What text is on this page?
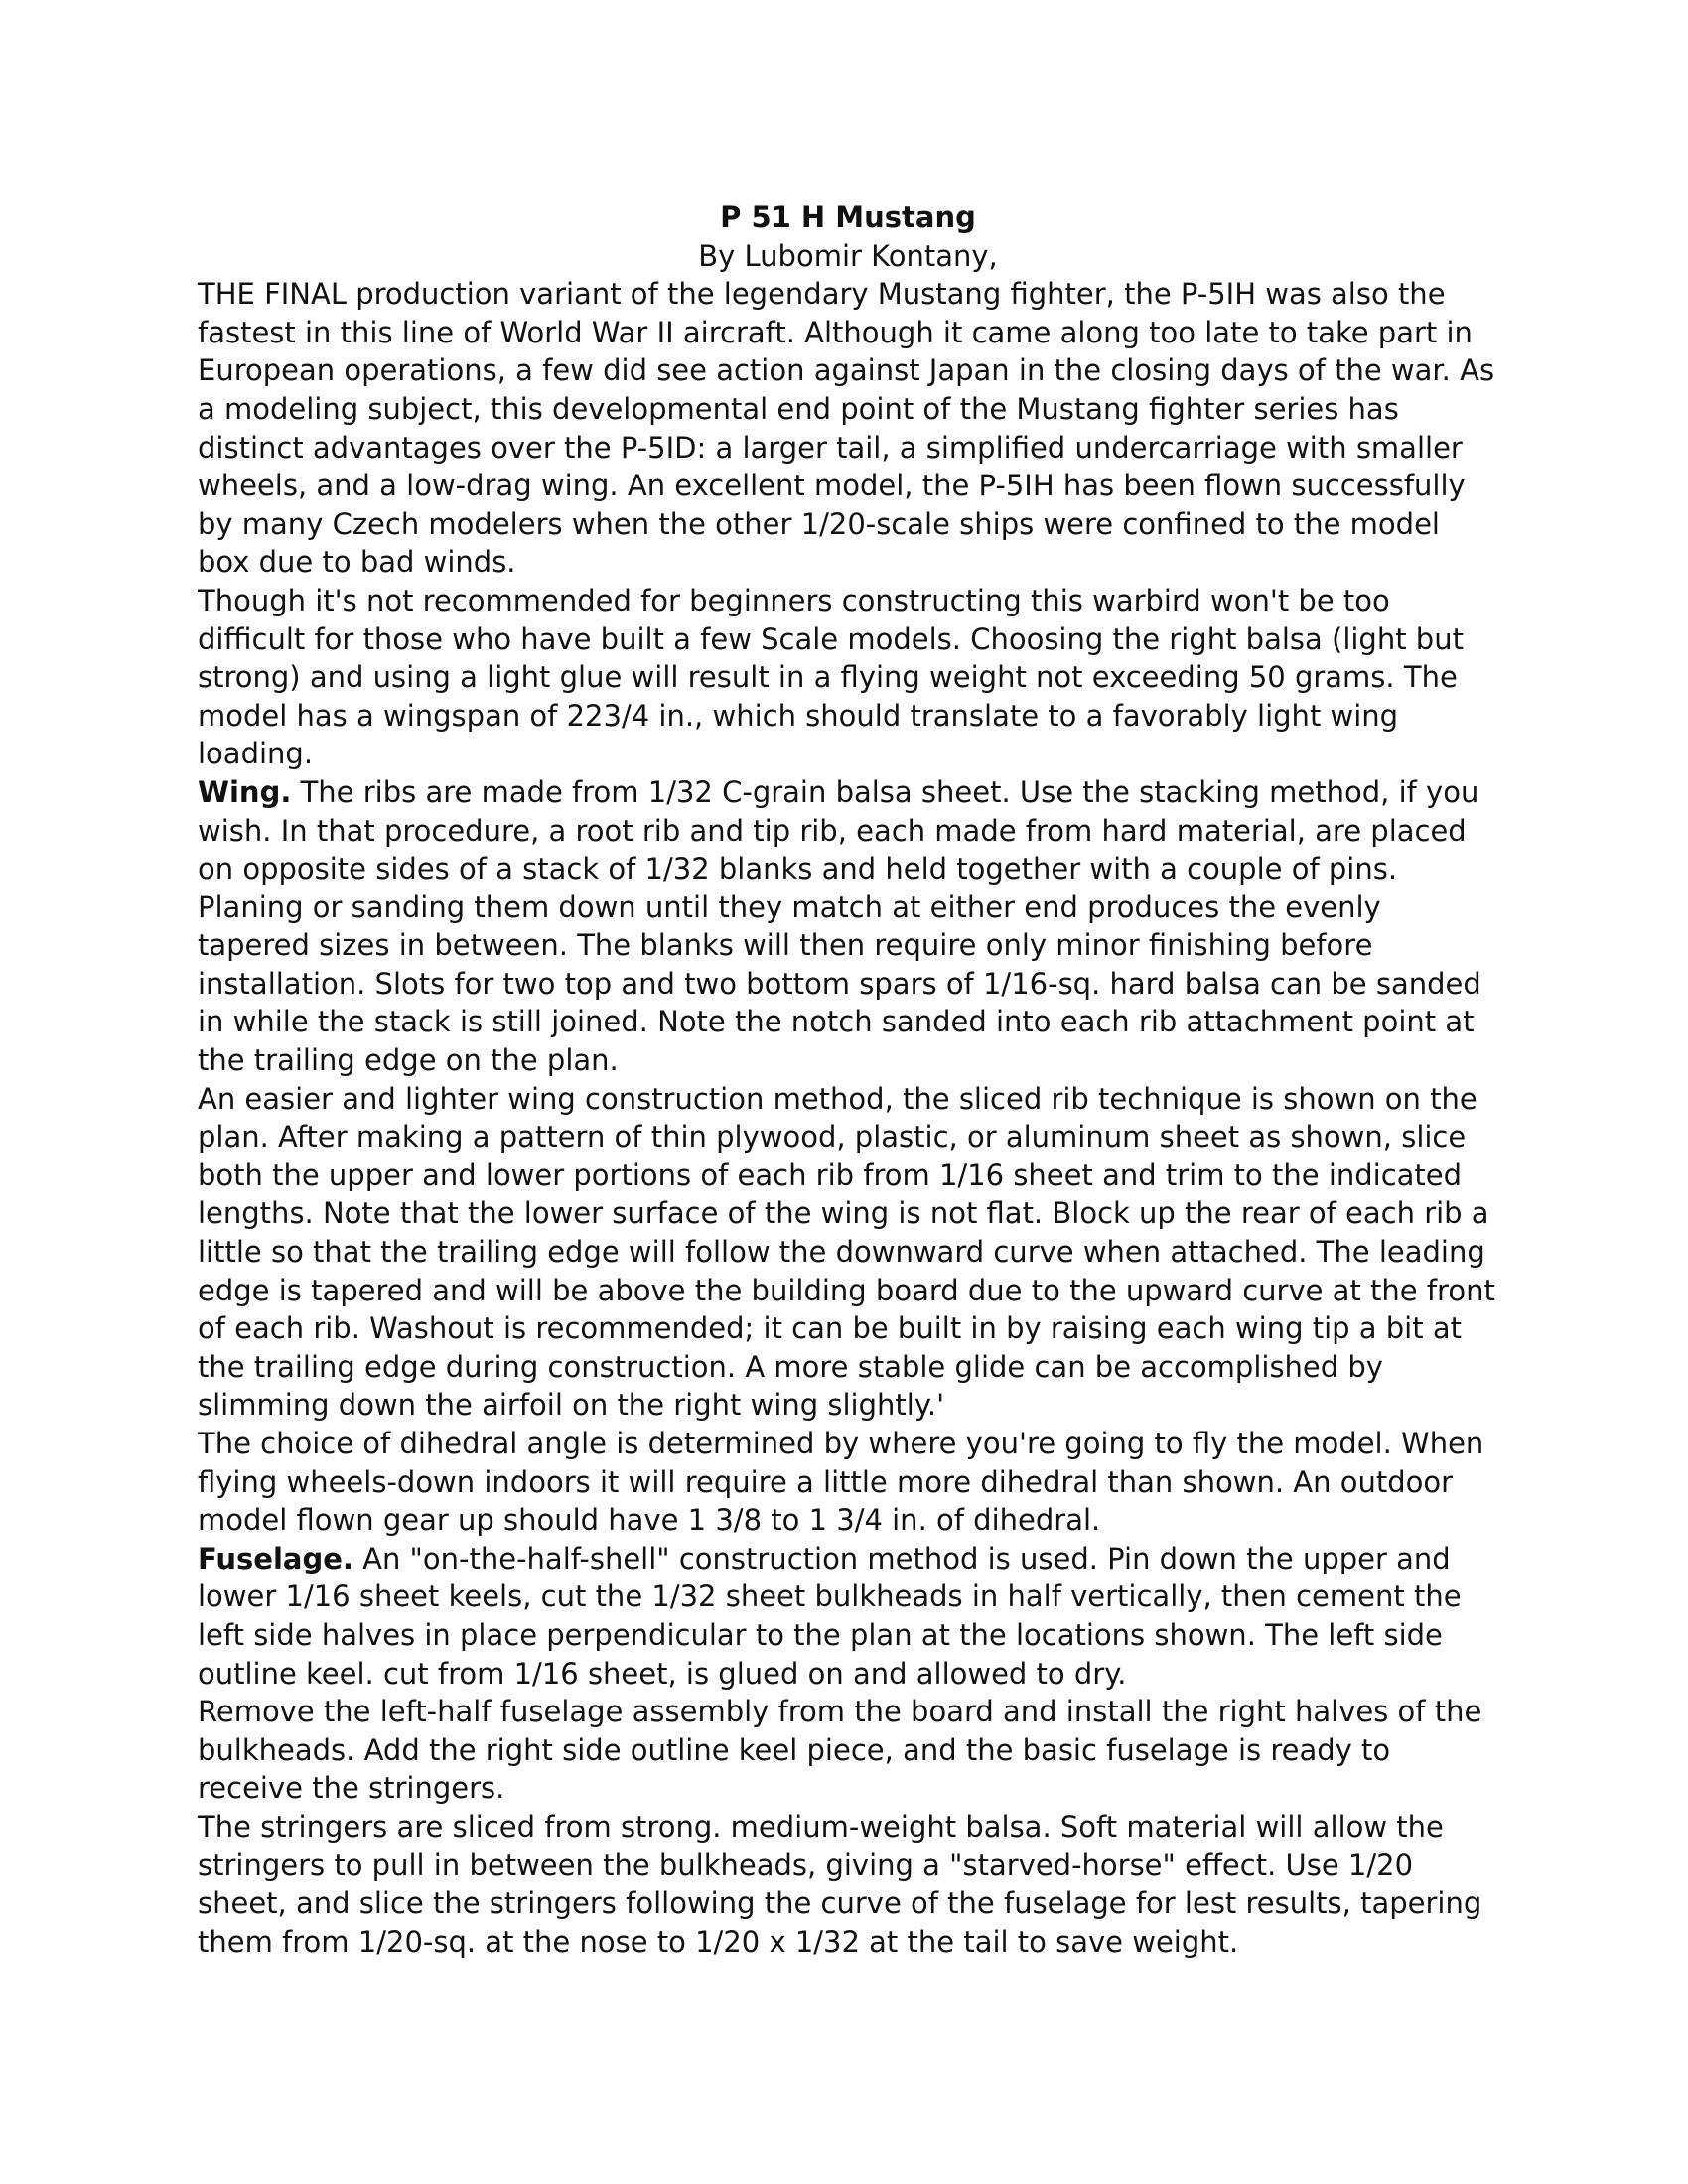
P 51 H Mustang

By Lubomir Kontany,

THE FINAL production variant of the legendary Mustang fighter, the P-5IH was also the fastest in this line of World War II aircraft. Although it came along too late to take part in European operations, a few did see action against Japan in the closing days of the war. As a modeling subject, this developmental end point of the Mustang fighter series has distinct advantages over the P-5ID: a larger tail, a simplified undercarriage with smaller wheels, and a low-drag wing. An excellent model, the P-5IH has been flown successfully by many Czech modelers when the other 1/20-scale ships were confined to the model box due to bad winds.

Though it's not recommended for beginners constructing this warbird won't be too difficult for those who have built a few Scale models. Choosing the right balsa (light but strong) and using a light glue will result in a flying weight not exceeding 50 grams. The model has a wingspan of 223/4 in., which should translate to a favorably light wing loading.

Wing. The ribs are made from 1/32 C-grain balsa sheet. Use the stacking method, if you wish. In that procedure, a root rib and tip rib, each made from hard material, are placed on opposite sides of a stack of 1/32 blanks and held together with a couple of pins. Planing or sanding them down until they match at either end produces the evenly tapered sizes in between. The blanks will then require only minor finishing before installation. Slots for two top and two bottom spars of 1/16-sq. hard balsa can be sanded in while the stack is still joined. Note the notch sanded into each rib attachment point at the trailing edge on the plan.

An easier and lighter wing construction method, the sliced rib technique is shown on the plan. After making a pattern of thin plywood, plastic, or aluminum sheet as shown, slice both the upper and lower portions of each rib from 1/16 sheet and trim to the indicated lengths. Note that the lower surface of the wing is not flat. Block up the rear of each rib a little so that the trailing edge will follow the downward curve when attached. The leading edge is tapered and will be above the building board due to the upward curve at the front of each rib. Washout is recommended; it can be built in by raising each wing tip a bit at the trailing edge during construction. A more stable glide can be accomplished by slimming down the airfoil on the right wing slightly.'

The choice of dihedral angle is determined by where you're going to fly the model. When flying wheels-down indoors it will require a little more dihedral than shown. An outdoor model flown gear up should have 1 3/8 to 1 3/4 in. of dihedral.

Fuselage. An "on-the-half-shell" construction method is used. Pin down the upper and lower 1/16 sheet keels, cut the 1/32 sheet bulkheads in half vertically, then cement the left side halves in place perpendicular to the plan at the locations shown. The left side outline keel. cut from 1/16 sheet, is glued on and allowed to dry.

Remove the left-half fuselage assembly from the board and install the right halves of the bulkheads. Add the right side outline keel piece, and the basic fuselage is ready to receive the stringers.

The stringers are sliced from strong. medium-weight balsa. Soft material will allow the stringers to pull in between the bulkheads, giving a "starved-horse" effect. Use 1/20 sheet, and slice the stringers following the curve of the fuselage for lest results, tapering them from 1/20-sq. at the nose to 1/20 x 1/32 at the tail to save weight.
